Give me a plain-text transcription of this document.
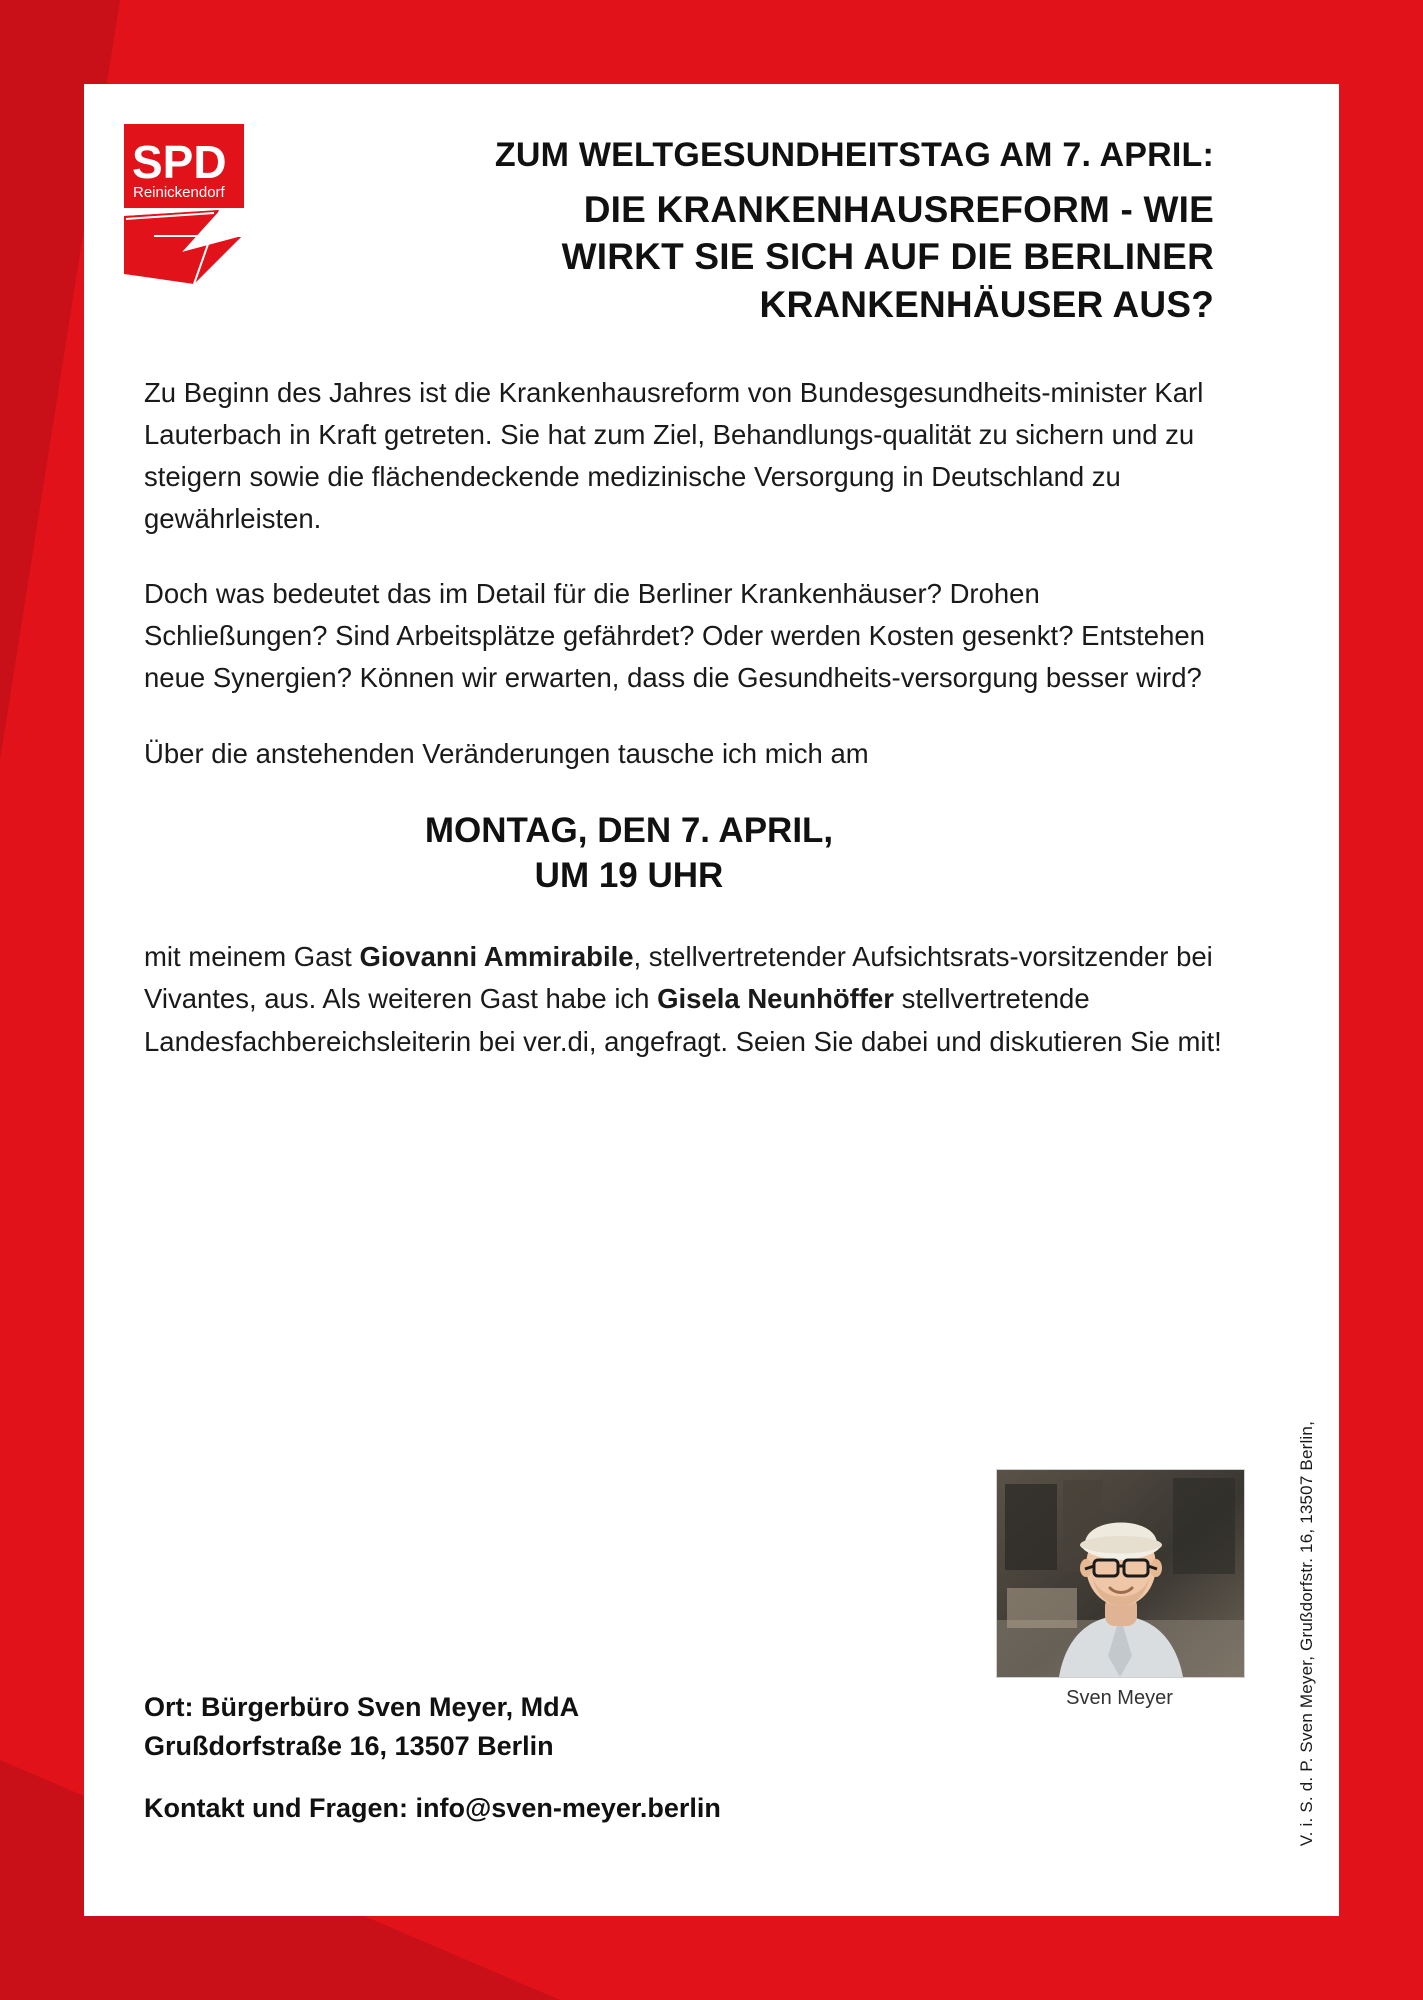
SPD
Reinickendorf
ZUM WELTGESUNDHEITSTAG AM 7. APRIL:
DIE KRANKENHAUSREFORM - WIE
WIRKT SIE SICH AUF DIE BERLINER
KRANKENHÄUSER AUS?

Zu Beginn des Jahres ist die Krankenhausreform von Bundesgesundheits-minister Karl Lauterbach in Kraft getreten. Sie hat zum Ziel, Behandlungs-qualität zu sichern und zu steigern sowie die flächendeckende medizinische Versorgung in Deutschland zu gewährleisten.

Doch was bedeutet das im Detail für die Berliner Krankenhäuser? Drohen Schließungen? Sind Arbeitsplätze gefährdet? Oder werden Kosten gesenkt? Entstehen neue Synergien? Können wir erwarten, dass die Gesundheits-versorgung besser wird?

Über die anstehenden Veränderungen tausche ich mich am

MONTAG, DEN 7. APRIL,
UM 19 UHR
mit meinem Gast Giovanni Ammirabile, stellvertretender Aufsichtsrats-vorsitzender bei Vivantes, aus. Als weiteren Gast habe ich Gisela Neunhöffer stellvertretende Landesfachbereichsleiterin bei ver.di, angefragt. Seien Sie dabei und diskutieren Sie mit!
Sven Meyer
Ort: Bürgerbüro Sven Meyer, MdA
Grußdorfstraße 16, 13507 Berlin
Kontakt und Fragen: info@sven-meyer.berlin	V. i. S. d. P. Sven Meyer, Grußdorfstr. 16, 13507 Berlin,
